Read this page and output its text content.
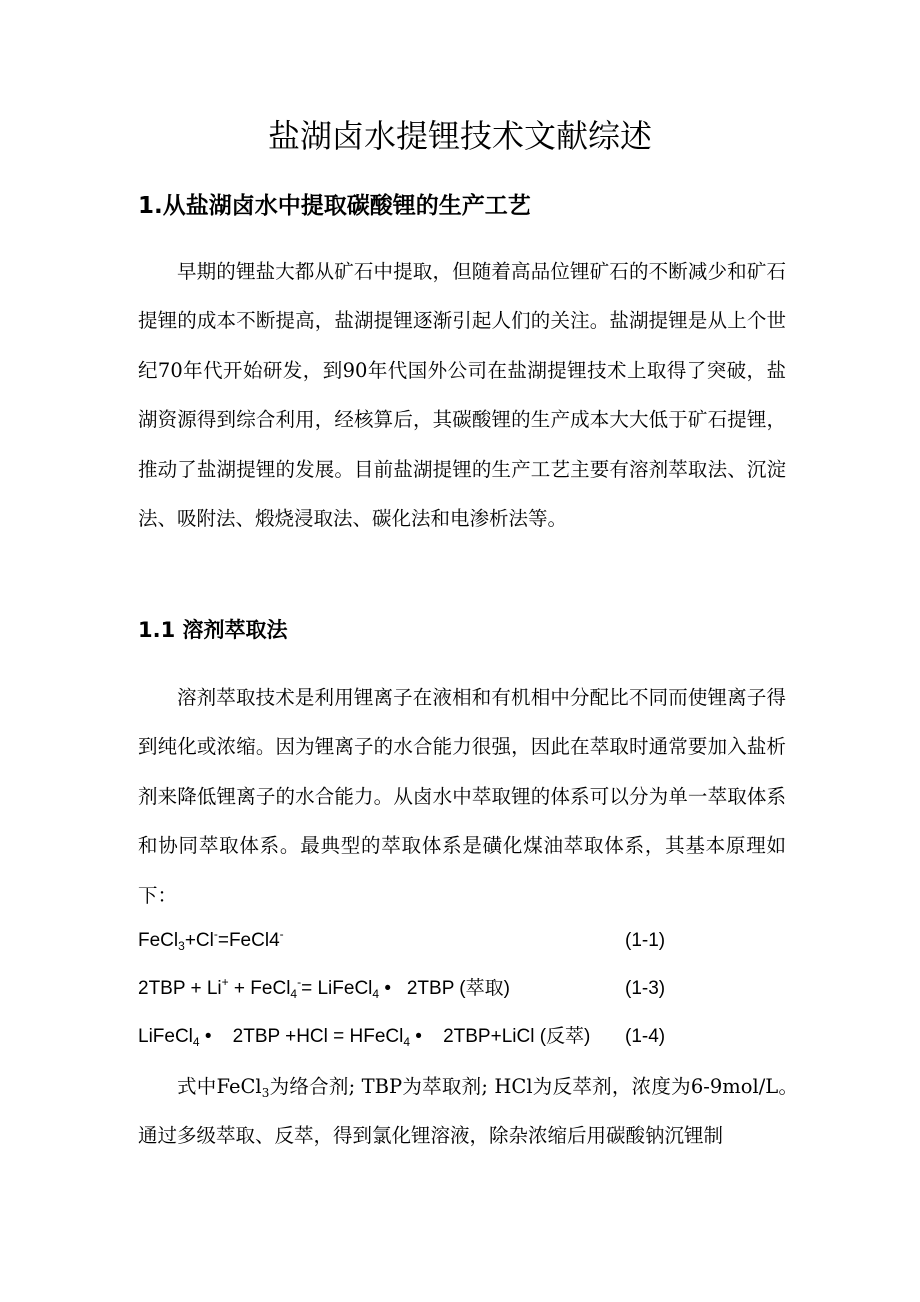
盐湖卤水提锂技术文献综述
1.从盐湖卤水中提取碳酸锂的生产工艺

早期的锂盐大都从矿石中提取，但随着高品位锂矿石的不断减少和矿石提锂的成本不断提高，盐湖提锂逐渐引起人们的关注。盐湖提锂是从上个世纪70年代开始研发，到90年代国外公司在盐湖提锂技术上取得了突破，盐湖资源得到综合利用，经核算后，其碳酸锂的生产成本大大低于矿石提锂，推动了盐湖提锂的发展。目前盐湖提锂的生产工艺主要有溶剂萃取法、沉淀法、吸附法、煅烧浸取法、碳化法和电渗析法等。

1.1 溶剂萃取法

溶剂萃取技术是利用锂离子在液相和有机相中分配比不同而使锂离子得到纯化或浓缩。因为锂离子的水合能力很强，因此在萃取时通常要加入盐析剂来降低锂离子的水合能力。从卤水中萃取锂的体系可以分为单一萃取体系和协同萃取体系。最典型的萃取体系是磺化煤油萃取体系，其基本原理如下：

FeCl$_3$+Cl-=FeCl4-	(1-1)
2TBP + Li+ + FeCl$_4$-= LiFeCl$_4$ •   2TBP (萃取)	(1-3)
LiFeCl$_4$ •    2TBP +HCl = HFeCl$_4$ •    2TBP+LiCl (反萃) (1-4)

式中FeCl$_3$为络合剂; TBP为萃取剂; HCl为反萃剂，浓度为6-9mol/L。通过多级萃取、反萃，得到氯化锂溶液，除杂浓缩后用碳酸钠沉锂制
